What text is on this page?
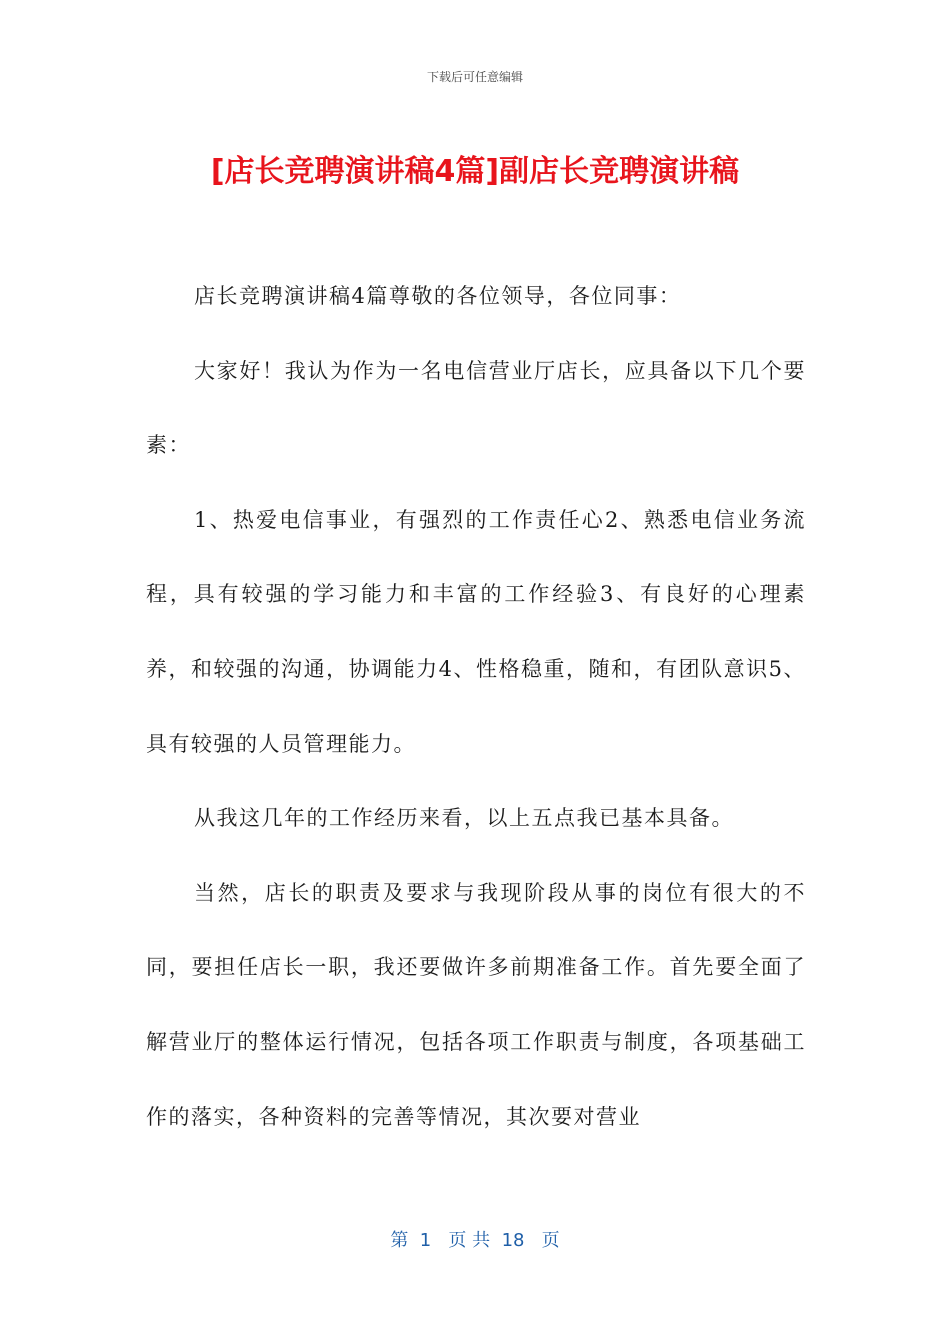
下载后可任意编辑
[店长竞聘演讲稿4篇]副店长竞聘演讲稿

店长竞聘演讲稿4篇尊敬的各位领导，各位同事：

大家好！我认为作为一名电信营业厅店长，应具备以下几个要素：

1、热爱电信事业，有强烈的工作责任心2、熟悉电信业务流程，具有较强的学习能力和丰富的工作经验3、有良好的心理素养，和较强的沟通，协调能力4、性格稳重，随和，有团队意识5、具有较强的人员管理能力。

从我这几年的工作经历来看，以上五点我已基本具备。

当然，店长的职责及要求与我现阶段从事的岗位有很大的不同，要担任店长一职，我还要做许多前期准备工作。首先要全面了解营业厅的整体运行情况，包括各项工作职责与制度，各项基础工作的落实，各种资料的完善等情况，其次要对营业

第  1   页 共  18   页
